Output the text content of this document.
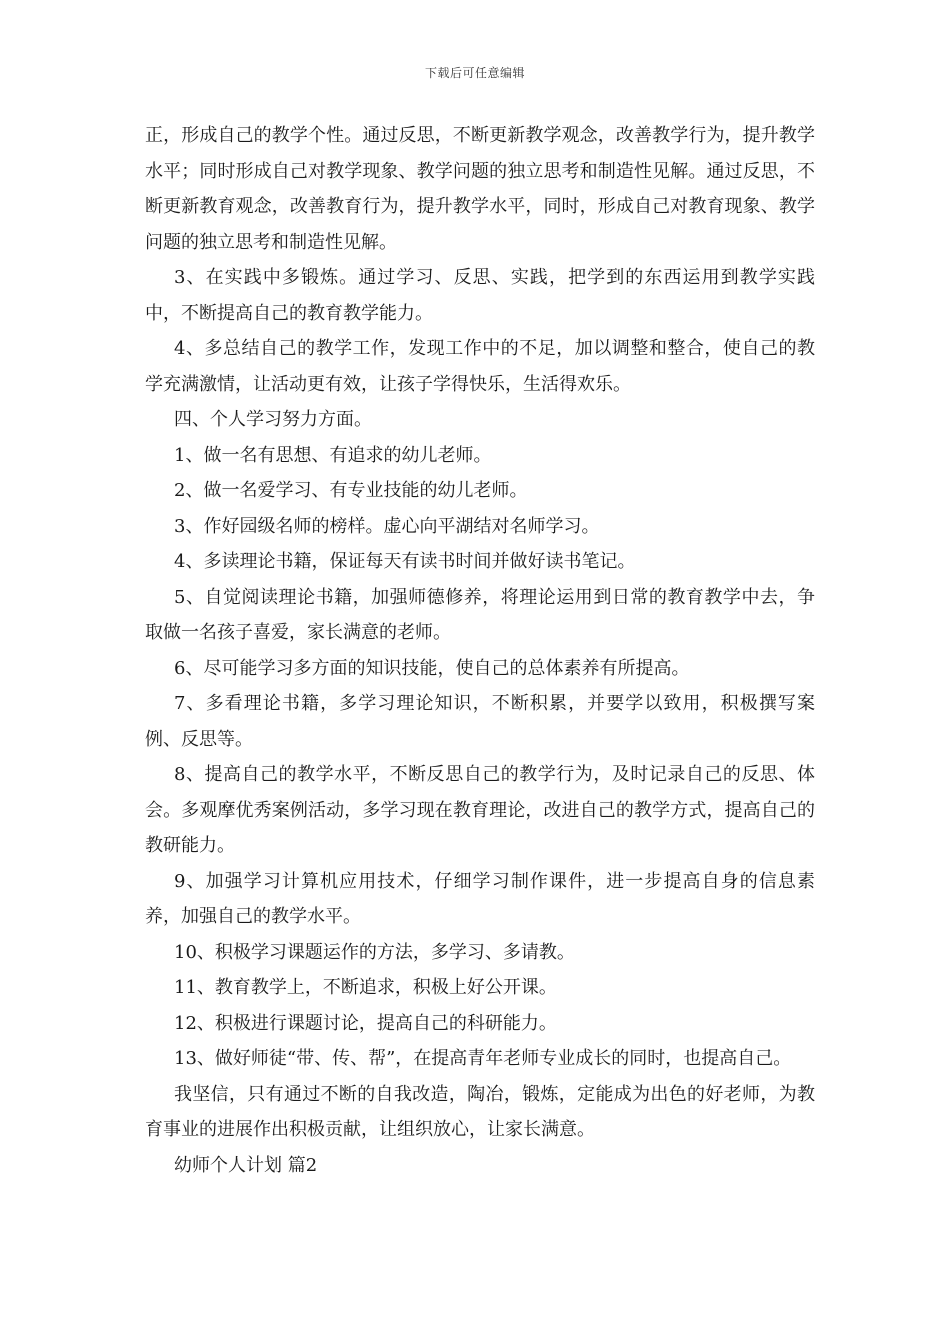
下载后可任意编辑

正，形成自己的教学个性。通过反思，不断更新教学观念，改善教学行为，提升教学水平；同时形成自己对教学现象、教学问题的独立思考和制造性见解。通过反思，不断更新教育观念，改善教育行为，提升教学水平，同时，形成自己对教育现象、教学问题的独立思考和制造性见解。

3、在实践中多锻炼。通过学习、反思、实践，把学到的东西运用到教学实践中，不断提高自己的教育教学能力。

4、多总结自己的教学工作，发现工作中的不足，加以调整和整合，使自己的教学充满激情，让活动更有效，让孩子学得快乐，生活得欢乐。

四、个人学习努力方面。

1、做一名有思想、有追求的幼儿老师。

2、做一名爱学习、有专业技能的幼儿老师。

3、作好园级名师的榜样。虚心向平湖结对名师学习。

4、多读理论书籍，保证每天有读书时间并做好读书笔记。

5、自觉阅读理论书籍，加强师德修养，将理论运用到日常的教育教学中去，争取做一名孩子喜爱，家长满意的老师。

6、尽可能学习多方面的知识技能，使自己的总体素养有所提高。

7、多看理论书籍，多学习理论知识，不断积累，并要学以致用，积极撰写案例、反思等。

8、提高自己的教学水平，不断反思自己的教学行为，及时记录自己的反思、体会。多观摩优秀案例活动，多学习现在教育理论，改进自己的教学方式，提高自己的教研能力。

9、加强学习计算机应用技术，仔细学习制作课件，进一步提高自身的信息素养，加强自己的教学水平。

10、积极学习课题运作的方法，多学习、多请教。

11、教育教学上，不断追求，积极上好公开课。

12、积极进行课题讨论，提高自己的科研能力。

13、做好师徒“带、传、帮”，在提高青年老师专业成长的同时，也提高自己。

我坚信，只有通过不断的自我改造，陶冶，锻炼，定能成为出色的好老师，为教育事业的进展作出积极贡献，让组织放心，让家长满意。

幼师个人计划 篇2
